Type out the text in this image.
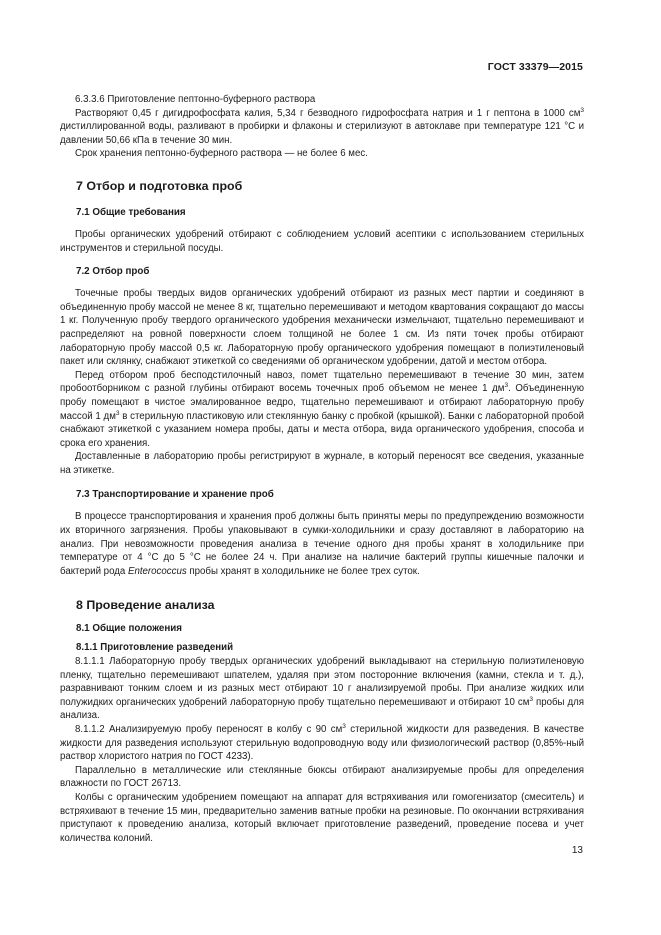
ГОСТ 33379—2015

6.3.3.6 Приготовление пептонно-буферного раствора

Растворяют 0,45 г дигидрофосфата калия, 5,34 г безводного гидрофосфата натрия и 1 г пептона в 1000 $см^3$ дистиллированной воды, разливают в пробирки и флаконы и стерилизуют в автоклаве при температуре 121 °С и давлении 50,66 кПа в течение 30 мин.

Срок хранения пептонно-буферного раствора — не более 6 мес.

7 Отбор и подготовка проб
7.1 Общие требования

Пробы органических удобрений отбирают с соблюдением условий асептики с использованием стерильных инструментов и стерильной посуды.

7.2 Отбор проб

Точечные пробы твердых видов органических удобрений отбирают из разных мест партии и соединяют в объединенную пробу массой не менее 8 кг, тщательно перемешивают и методом квартования сокращают до массы 1 кг. Полученную пробу твердого органического удобрения механически измельчают, тщательно перемешивают и распределяют на ровной поверхности слоем толщиной не более 1 см. Из пяти точек пробы отбирают лабораторную пробу массой 0,5 кг. Лабораторную пробу органического удобрения помещают в полиэтиленовый пакет или склянку, снабжают этикеткой со сведениями об органическом удобрении, датой и местом отбора.

Перед отбором проб бесподстилочный навоз, помет тщательно перемешивают в течение 30 мин, затем пробоотборником с разной глубины отбирают восемь точечных проб объемом не менее 1 $дм^3$. Объединенную пробу помещают в чистое эмалированное ведро, тщательно перемешивают и отбирают лабораторную пробу массой 1 $дм^3$ в стерильную пластиковую или стеклянную банку с пробкой (крышкой). Банки с лабораторной пробой снабжают этикеткой с указанием номера пробы, даты и места отбора, вида органического удобрения, способа и срока его хранения.

Доставленные в лабораторию пробы регистрируют в журнале, в который переносят все сведения, указанные на этикетке.

7.3 Транспортирование и хранение проб

В процессе транспортирования и хранения проб должны быть приняты меры по предупреждению возможности их вторичного загрязнения. Пробы упаковывают в сумки-холодильники и сразу доставляют в лабораторию на анализ. При невозможности проведения анализа в течение одного дня пробы хранят в холодильнике при температуре от 4 °С до 5 °С не более 24 ч. При анализе на наличие бактерий группы кишечные палочки и бактерий рода Enterococcus пробы хранят в холодильнике не более трех суток.

8 Проведение анализа
8.1 Общие положения
8.1.1 Приготовление разведений

8.1.1.1 Лабораторную пробу твердых органических удобрений выкладывают на стерильную полиэтиленовую пленку, тщательно перемешивают шпателем, удаляя при этом посторонние включения (камни, стекла и т. д.), разравнивают тонким слоем и из разных мест отбирают 10 г анализируемой пробы. При анализе жидких или полужидких органических удобрений лабораторную пробу тщательно перемешивают и отбирают 10 $см^3$ пробы для анализа.

8.1.1.2 Анализируемую пробу переносят в колбу с 90 $см^3$ стерильной жидкости для разведения. В качестве жидкости для разведения используют стерильную водопроводную воду или физиологический раствор (0,85%-ный раствор хлористого натрия по ГОСТ 4233).

Параллельно в металлические или стеклянные бюксы отбирают анализируемые пробы для определения влажности по ГОСТ 26713.

Колбы с органическим удобрением помещают на аппарат для встряхивания или гомогенизатор (смеситель) и встряхивают в течение 15 мин, предварительно заменив ватные пробки на резиновые. По окончании встряхивания приступают к проведению анализа, который включает приготовление разведений, проведение посева и учет количества колоний.

13
